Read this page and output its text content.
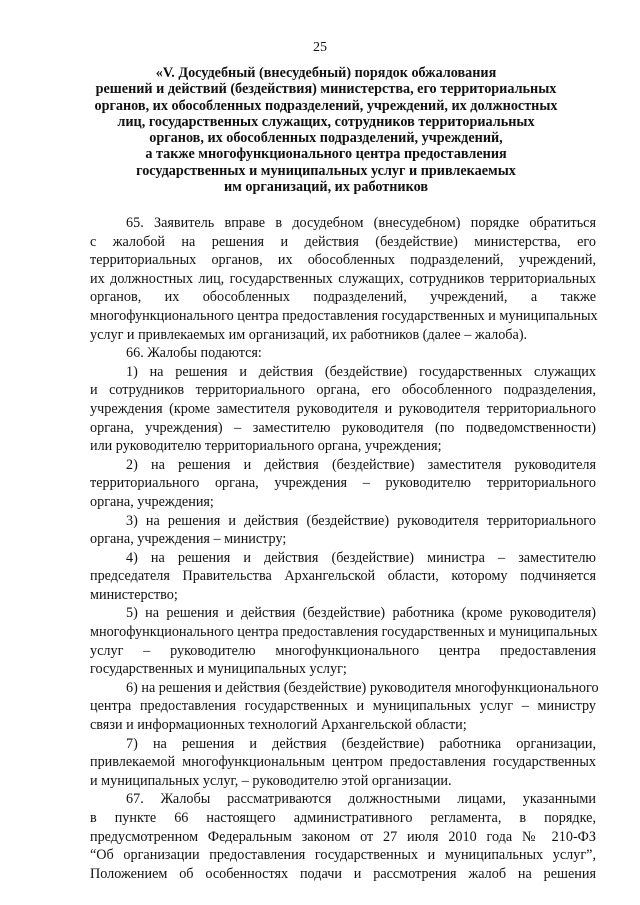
25
«V. Досудебный (внесудебный) порядок обжалования
решений и действий (бездействия) министерства, его территориальных
органов, их обособленных подразделений, учреждений, их должностных
лиц, государственных служащих, сотрудников территориальных
органов, их обособленных подразделений, учреждений,
а также многофункционального центра предоставления
государственных и муниципальных услуг и привлекаемых
им организаций, их работников
65. Заявитель вправе в досудебном (внесудебном) порядке обратиться
с жалобой на решения и действия (бездействие) министерства, его
территориальных органов, их обособленных подразделений, учреждений,
их должностных лиц, государственных служащих, сотрудников территориальных
органов, их обособленных подразделений, учреждений, а также
многофункционального центра предоставления государственных и муниципальных
услуг и привлекаемых им организаций, их работников (далее – жалоба).
66. Жалобы подаются:
1) на решения и действия (бездействие) государственных служащих
и сотрудников территориального органа, его обособленного подразделения,
учреждения (кроме заместителя руководителя и руководителя территориального
органа, учреждения) – заместителю руководителя (по подведомственности)
или руководителю территориального органа, учреждения;
2) на решения и действия (бездействие) заместителя руководителя
территориального органа, учреждения – руководителю территориального
органа, учреждения;
3) на решения и действия (бездействие) руководителя территориального
органа, учреждения – министру;
4) на решения и действия (бездействие) министра – заместителю
председателя Правительства Архангельской области, которому подчиняется
министерство;
5) на решения и действия (бездействие) работника (кроме руководителя)
многофункционального центра предоставления государственных и муниципальных
услуг – руководителю многофункционального центра предоставления
государственных и муниципальных услуг;
6) на решения и действия (бездействие) руководителя многофункционального
центра предоставления государственных и муниципальных услуг – министру
связи и информационных технологий Архангельской области;
7) на решения и действия (бездействие) работника организации,
привлекаемой многофункциональным центром предоставления государственных
и муниципальных услуг, – руководителю этой организации.
67. Жалобы рассматриваются должностными лицами, указанными
в пункте 66 настоящего административного регламента, в порядке,
предусмотренном Федеральным законом от 27 июля 2010 года № 210-ФЗ
“Об организации предоставления государственных и муниципальных услуг”,
Положением об особенностях подачи и рассмотрения жалоб на решения
